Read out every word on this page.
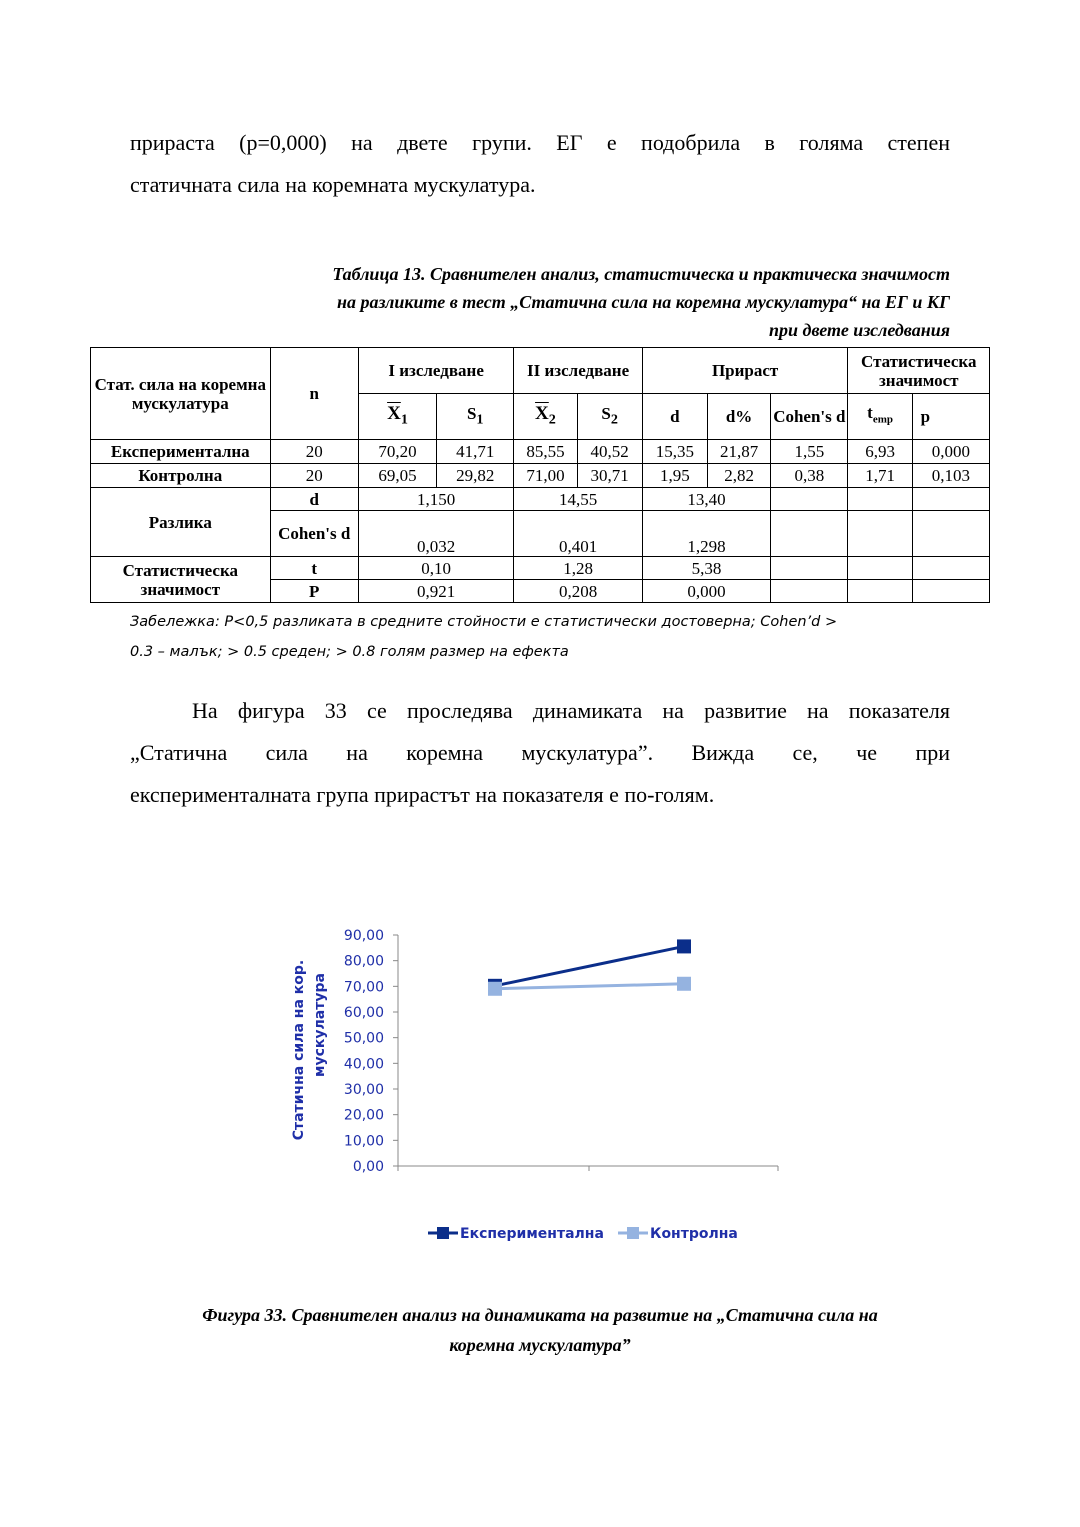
прираста (р=0,000) на двете групи. ЕГ е подобрила в голяма степен
статичната сила на коремната мускулатура.
Таблица 13. Сравнителен анализ, статистическа и практическа значимост
на разликите в тест „Статична сила на коремна мускулатура“ на ЕГ и КГ
при двете изследвания
Стат. сила на коремна мускулатура	n	І изследване		ІІ изследване		Прираст			Статистическа значимост	
		$\overline{X}_1$	$S_1$	$\overline{X}_2$	$S_2$	d	d%	Cohen's d	$t_{emp}$	p
Експериментална	20	70,20	41,71	85,55	40,52	15,35	21,87	1,55	6,93	0,000
Контролна	20	69,05	29,82	71,00	30,71	1,95	2,82	0,38	1,71	0,103
Разлика	d	1,150		14,55		13,40				
	Cohen's d	0,032		0,401		1,298				
Статистическа значимост	t	0,10		1,28		5,38				
	P	0,921		0,208		0,000				
Забележка: P<0,5 разликата в средните стойности е статистически достоверна; Cohen’d >
0.3 – малък; > 0.5 среден; > 0.8 голям размер на ефекта
На фигура 33 се проследява динамиката на развитие на показателя
„Статична сила на коремна мускулатура”. Вижда се, че при
експерименталната група прирастът на показателя е по-голям.
0,00
10,00
20,00
30,00
40,00
50,00
60,00
70,00
80,00
90,00
Статична сила на кор. мускулатура
Експериментална	Контролна
Фигура 33. Сравнителен анализ на динамиката на развитие на „Статична сила на
коремна мускулатура”
